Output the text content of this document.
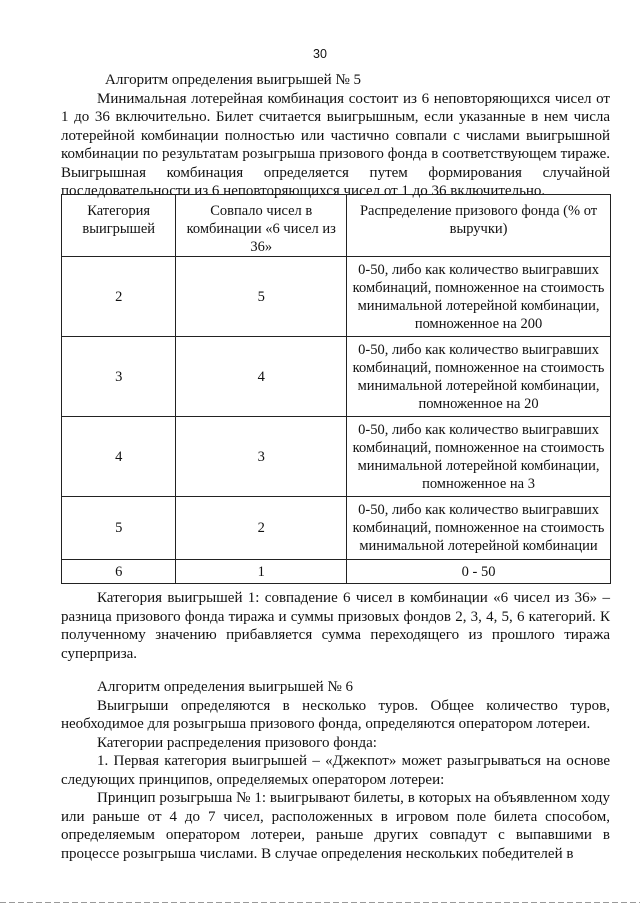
30

Алгоритм определения выигрышей № 5

Минимальная лотерейная комбинация состоит из 6 неповторяющихся чисел от 1 до 36 включительно. Билет считается выигрышным, если указанные в нем числа лотерейной комбинации полностью или частично совпали с числами выигрышной комбинации по результатам розыгрыша призового фонда в соответствующем тираже. Выигрышная комбинация определяется путем формирования случайной последовательности из 6 неповторяющихся чисел от 1 до 36 включительно.

Категория выигрышей	Совпало чисел в комбинации «6 чисел из 36»	Распределение призового фонда (% от выручки)
2	5	0-50, либо как количество выигравших комбинаций, помноженное на стоимость минимальной лотерейной комбинации, помноженное на 200
3	4	0-50, либо как количество выигравших комбинаций, помноженное на стоимость минимальной лотерейной комбинации, помноженное на 20
4	3	0-50, либо как количество выигравших комбинаций, помноженное на стоимость минимальной лотерейной комбинации, помноженное на 3
5	2	0-50, либо как количество выигравших комбинаций, помноженное на стоимость минимальной лотерейной комбинации
6	1	0 - 50

Категория выигрышей 1: совпадение 6 чисел в комбинации «6 чисел из 36» – разница призового фонда тиража и суммы призовых фондов 2, 3, 4, 5, 6 категорий. К полученному значению прибавляется сумма переходящего из прошлого тиража суперприза.

Алгоритм определения выигрышей № 6

Выигрыши определяются в несколько туров. Общее количество туров, необходимое для розыгрыша призового фонда, определяются оператором лотереи.

Категории распределения призового фонда:

1. Первая категория выигрышей – «Джекпот» может разыгрываться на основе следующих принципов, определяемых оператором лотереи:

Принцип розыгрыша № 1: выигрывают билеты, в которых на объявленном ходу или раньше от 4 до 7 чисел, расположенных в игровом поле билета способом, определяемым оператором лотереи, раньше других совпадут с выпавшими в процессе розыгрыша числами. В случае определения нескольких победителей в
